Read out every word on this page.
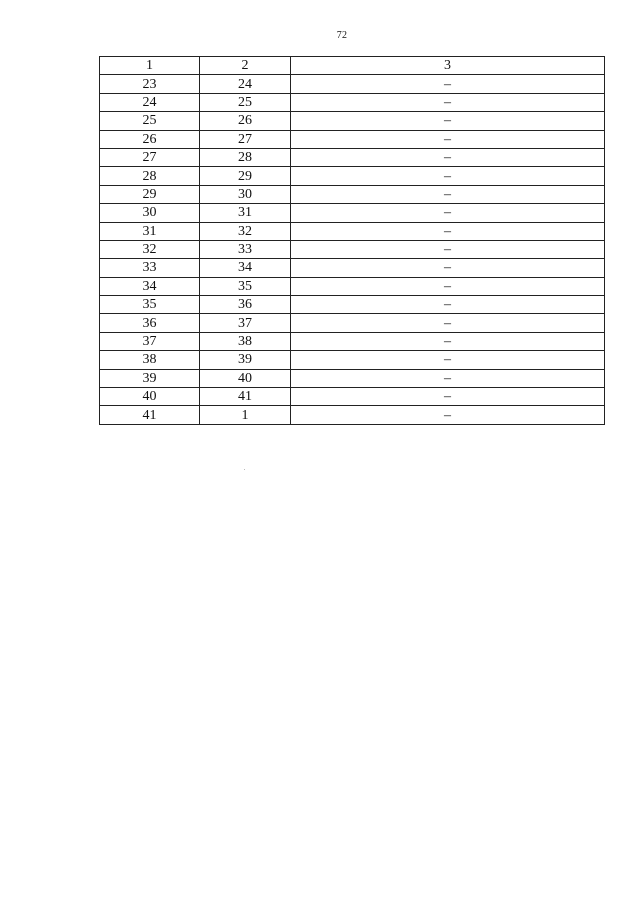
72
1	2	3
23	24	–
24	25	–
25	26	–
26	27	–
27	28	–
28	29	–
29	30	–
30	31	–
31	32	–
32	33	–
33	34	–
34	35	–
35	36	–
36	37	–
37	38	–
38	39	–
39	40	–
40	41	–
41	1	–
